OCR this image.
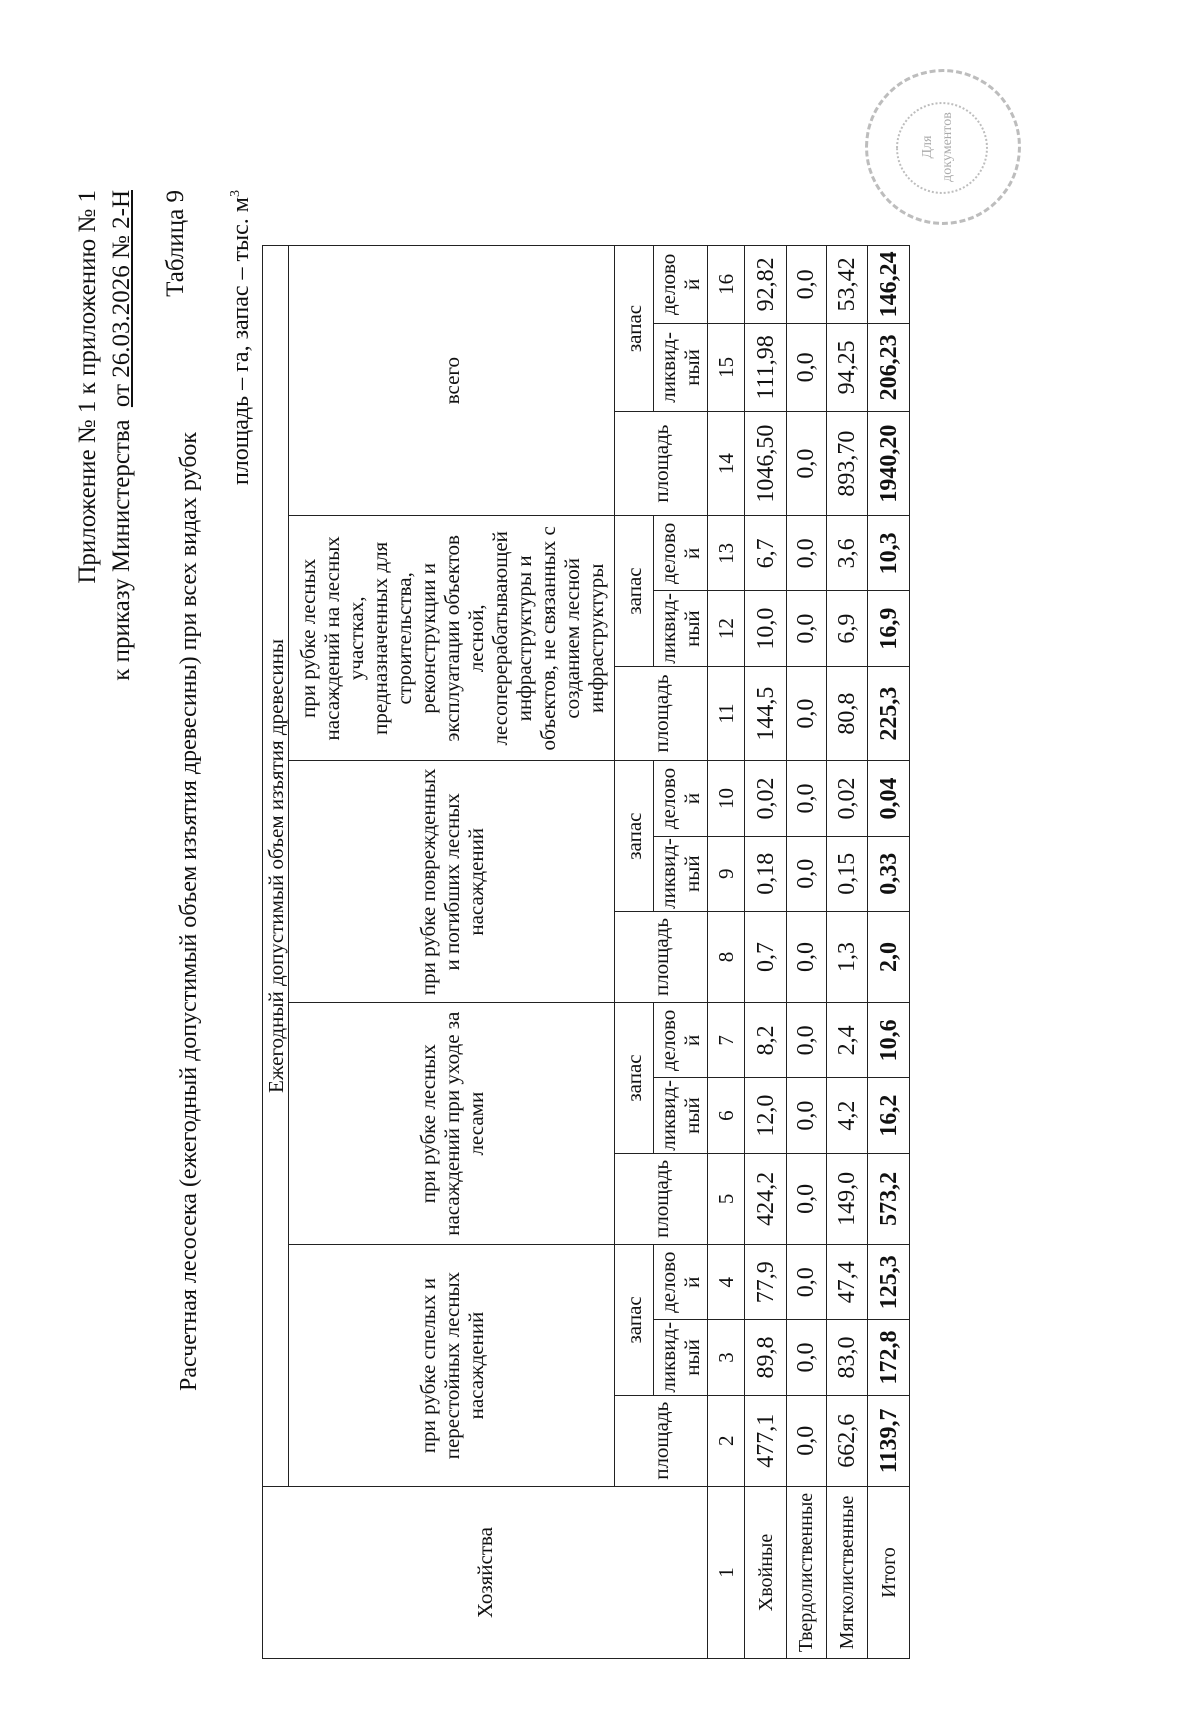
Приложение № 1 к приложению № 1 к приказу Министерства  от 26.03.2026 № 2-Н Таблица 9
Расчетная лесосека (ежегодный допустимый объем изъятия древесины) при всех видах рубок
площадь – га, запас – тыс. $м^3$
Хозяйства	Ежегодный допустимый объем изъятия древесины														
	при рубке спелых и перестойных лесных насаждений			при рубке лесных насаждений при уходе за лесами			при рубке поврежденных и погибших лесных насаждений			при рубке лесных насаждений на лесных участках, предназначенных для строительства, реконструкции и эксплуатации объектов лесной, лесоперерабатывающей инфраструктуры и объектов, не связанных с созданием лесной инфраструктуры			всего		
	площадь	запас		площадь	запас		площадь	запас		площадь	запас		площадь	запас	
		ликвид-ный	делово й		ликвид-ный	делово й		ликвид-ный	делово й		ликвид-ный	делово й		ликвид-ный	делово й
1	2	3	4	5	6	7	8	9	10	11	12	13	14	15	16
Хвойные	477,1	89,8	77,9	424,2	12,0	8,2	0,7	0,18	0,02	144,5	10,0	6,7	1046,50	111,98	92,82
Твердолиственные	0,0	0,0	0,0	0,0	0,0	0,0	0,0	0,0	0,0	0,0	0,0	0,0	0,0	0,0	0,0
Мягколиственные	662,6	83,0	47,4	149,0	4,2	2,4	1,3	0,15	0,02	80,8	6,9	3,6	893,70	94,25	53,42
Итого	1139,7	172,8	125,3	573,2	16,2	10,6	2,0	0,33	0,04	225,3	16,9	10,3	1940,20	206,23	146,24
Для документов
